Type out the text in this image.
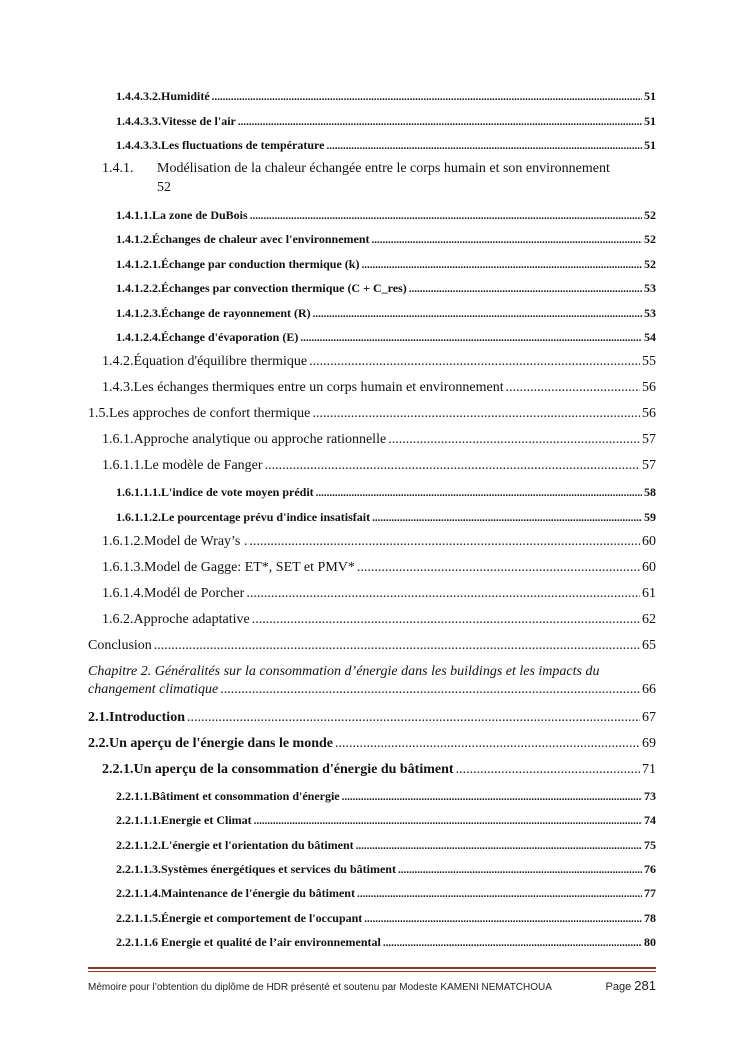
1.4.4.3.2. Humidité .....	51
1.4.4.3.3. Vitesse de l'air .....	51
1.4.4.3.3. Les fluctuations de température .....	51
1.4.1. Modélisation de la chaleur échangée entre le corps humain et son environnement
52
1.4.1.1. La zone de DuBois .....	52
1.4.1.2. Échanges de chaleur avec l'environnement .....	52
1.4.1.2.1. Échange par conduction thermique (k) .....	52
1.4.1.2.2. Échanges par convection thermique (C + C_res) .....	53
1.4.1.2.3. Échange de rayonnement (R) .....	53
1.4.1.2.4. Échange d'évaporation (E) .....	54
1.4.2. Équation d'équilibre thermique .....	55
1.4.3. Les échanges thermiques entre un corps humain et environnement .....	56
1.5. Les approches de confort thermique .....	56
1.6.1. Approche analytique ou approche rationnelle .....	57
1.6.1.1. Le modèle de Fanger .....	57
1.6.1.1.1. L'indice de vote moyen prédit .....	58
1.6.1.1.2. Le pourcentage prévu d'indice insatisfait .....	59
1.6.1.2. Model de Wray’s . .....	60
1.6.1.3. Model de Gagge: ET*, SET et PMV* .....	60
1.6.1.4. Modél de Porcher .....	61
1.6.2. Approche adaptative .....	62
Conclusion .....	65
Chapitre 2. Généralités sur la consommation d’énergie dans les buildings et les impacts du
changement climatique .....	66
2.1. Introduction .....	67
2.2. Un aperçu de l'énergie dans le monde .....	69
2.2.1. Un aperçu de la consommation d'énergie du bâtiment .....	71
2.2.1.1. Bâtiment et consommation d'énergie .....	73
2.2.1.1.1. Energie et Climat .....	74
2.2.1.1.2. L'énergie et l'orientation du bâtiment .....	75
2.2.1.1.3. Systèmes énergétiques et services du bâtiment .....	76
2.2.1.1.4. Maintenance de l'énergie du bâtiment .....	77
2.2.1.1.5. Énergie et comportement de l'occupant .....	78
2.2.1.1. 6 Energie et qualité de l’air environnemental .....	80
Mémoire pour l’obtention du diplôme de HDR présenté et soutenu par Modeste KAMENI NEMATCHOUA	Page 281
